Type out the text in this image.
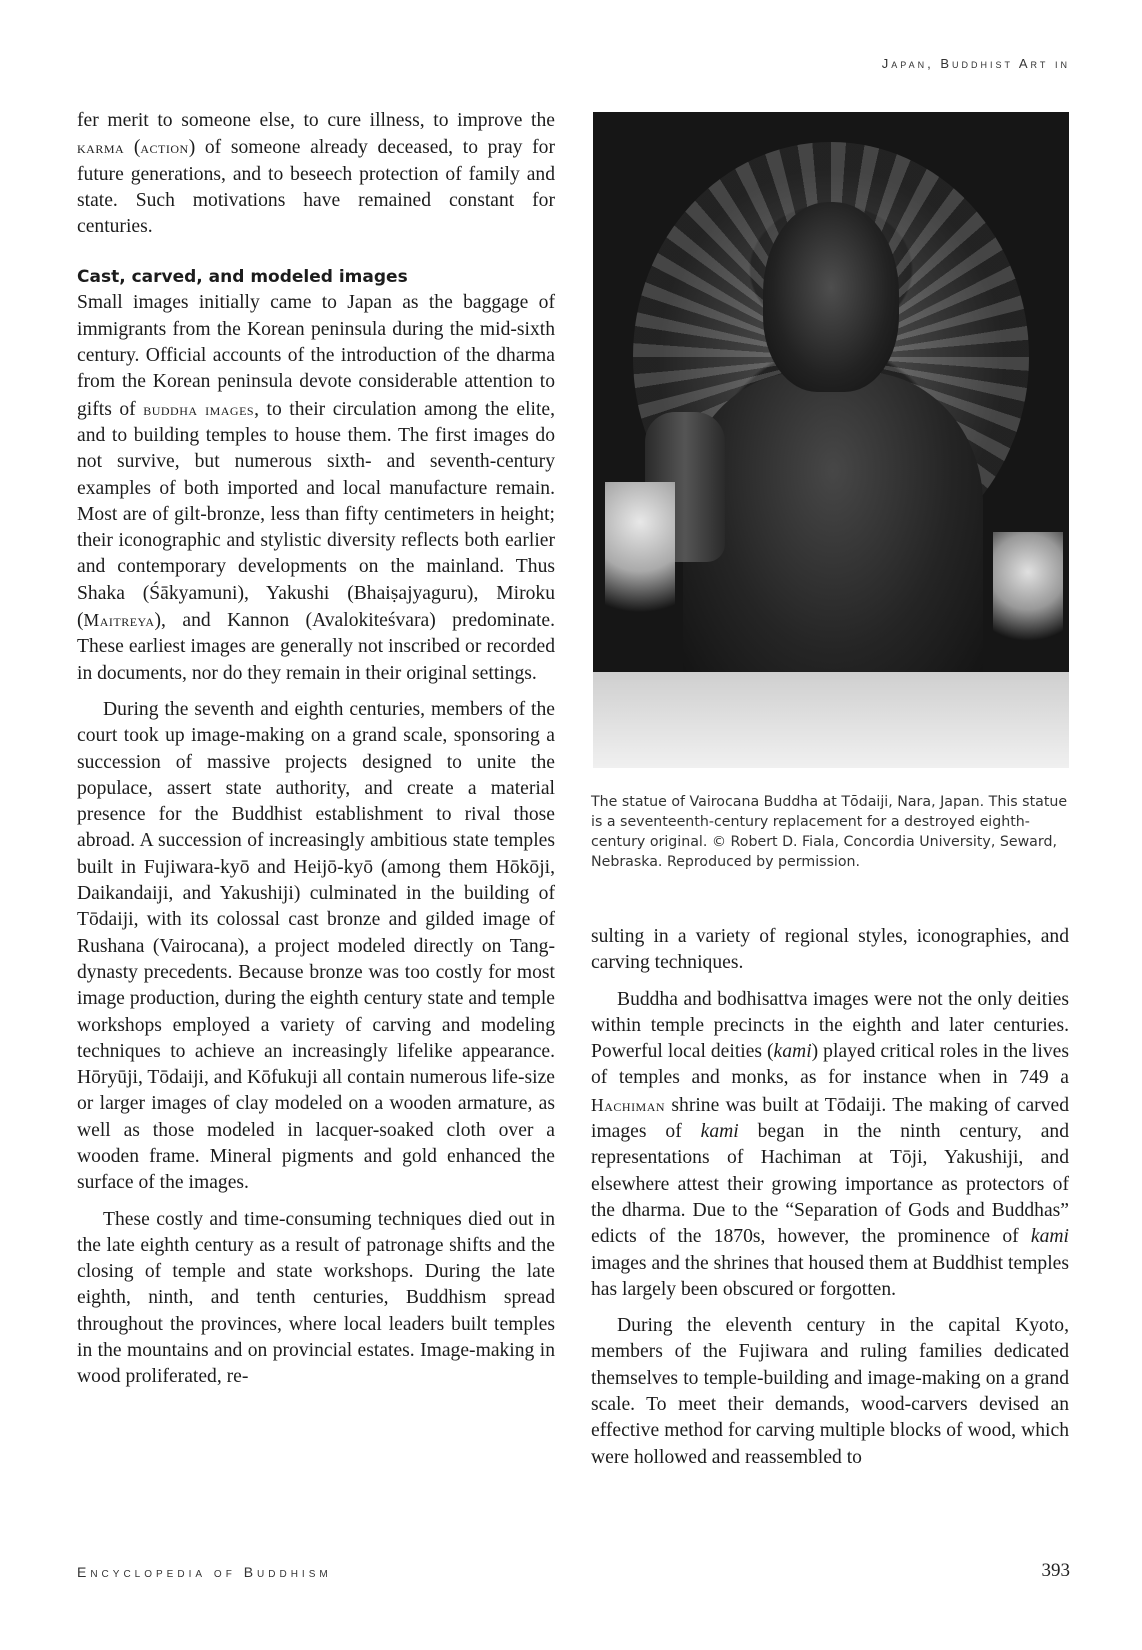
Japan, Buddhist Art in

fer merit to someone else, to cure illness, to improve the karma (action) of someone already deceased, to pray for future generations, and to beseech protection of family and state. Such motivations have remained constant for centuries.

Cast, carved, and modeled images

Small images initially came to Japan as the baggage of immigrants from the Korean peninsula during the mid-sixth century. Official accounts of the introduction of the dharma from the Korean peninsula devote considerable attention to gifts of buddha images, to their circulation among the elite, and to building temples to house them. The first images do not survive, but numerous sixth- and seventh-century examples of both imported and local manufacture remain. Most are of gilt-bronze, less than fifty centimeters in height; their iconographic and stylistic diversity reflects both earlier and contemporary developments on the mainland. Thus Shaka (Śākyamuni), Yakushi (Bhaiṣajyaguru), Miroku (Maitreya), and Kannon (Avalokiteśvara) predominate. These earliest images are generally not inscribed or recorded in documents, nor do they remain in their original settings.

During the seventh and eighth centuries, members of the court took up image-making on a grand scale, sponsoring a succession of massive projects designed to unite the populace, assert state authority, and create a material presence for the Buddhist establishment to rival those abroad. A succession of increasingly ambitious state temples built in Fujiwara-kyō and Heijō-kyō (among them Hōkōji, Daikandaiji, and Yakushiji) culminated in the building of Tōdaiji, with its colossal cast bronze and gilded image of Rushana (Vairocana), a project modeled directly on Tang-dynasty precedents. Because bronze was too costly for most image production, during the eighth century state and temple workshops employed a variety of carving and modeling techniques to achieve an increasingly lifelike appearance. Hōryūji, Tōdaiji, and Kōfukuji all contain numerous life-size or larger images of clay modeled on a wooden armature, as well as those modeled in lacquer-soaked cloth over a wooden frame. Mineral pigments and gold enhanced the surface of the images.

These costly and time-consuming techniques died out in the late eighth century as a result of patronage shifts and the closing of temple and state workshops. During the late eighth, ninth, and tenth centuries, Buddhism spread throughout the provinces, where local leaders built temples in the mountains and on provincial estates. Image-making in wood proliferated, re-

The statue of Vairocana Buddha at Tōdaiji, Nara, Japan. This statue is a seventeenth-century replacement for a destroyed eighth-century original. © Robert D. Fiala, Concordia University, Seward, Nebraska. Reproduced by permission.

sulting in a variety of regional styles, iconographies, and carving techniques.

Buddha and bodhisattva images were not the only deities within temple precincts in the eighth and later centuries. Powerful local deities (kami) played critical roles in the lives of temples and monks, as for instance when in 749 a Hachiman shrine was built at Tōdaiji. The making of carved images of kami began in the ninth century, and representations of Hachiman at Tōji, Yakushiji, and elsewhere attest their growing importance as protectors of the dharma. Due to the “Separation of Gods and Buddhas” edicts of the 1870s, however, the prominence of kami images and the shrines that housed them at Buddhist temples has largely been obscured or forgotten.

During the eleventh century in the capital Kyoto, members of the Fujiwara and ruling families dedicated themselves to temple-building and image-making on a grand scale. To meet their demands, wood-carvers devised an effective method for carving multiple blocks of wood, which were hollowed and reassembled to

Encyclopedia of Buddhism	393
